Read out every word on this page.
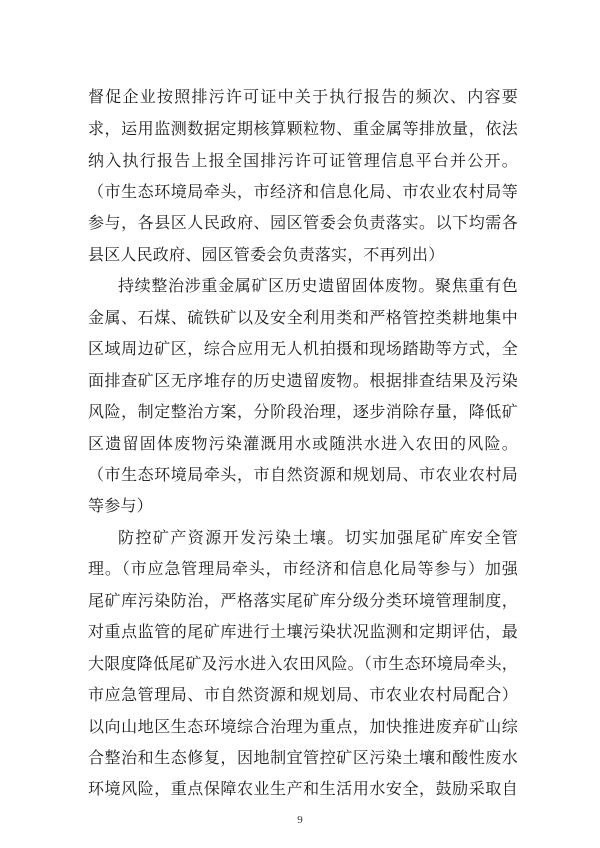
督促企业按照排污许可证中关于执行报告的频次、内容要
求，运用监测数据定期核算颗粒物、重金属等排放量，依法
纳入执行报告上报全国排污许可证管理信息平台并公开。
（市生态环境局牵头，市经济和信息化局、市农业农村局等
参与，各县区人民政府、园区管委会负责落实。以下均需各
县区人民政府、园区管委会负责落实，不再列出）
持续整治涉重金属矿区历史遗留固体废物。聚焦重有色
金属、石煤、硫铁矿以及安全利用类和严格管控类耕地集中
区域周边矿区，综合应用无人机拍摄和现场踏勘等方式，全
面排查矿区无序堆存的历史遗留废物。根据排查结果及污染
风险，制定整治方案，分阶段治理，逐步消除存量，降低矿
区遗留固体废物污染灌溉用水或随洪水进入农田的风险。
（市生态环境局牵头，市自然资源和规划局、市农业农村局
等参与）
防控矿产资源开发污染土壤。切实加强尾矿库安全管
理。（市应急管理局牵头，市经济和信息化局等参与）加强
尾矿库污染防治，严格落实尾矿库分级分类环境管理制度，
对重点监管的尾矿库进行土壤污染状况监测和定期评估，最
大限度降低尾矿及污水进入农田风险。（市生态环境局牵头，
市应急管理局、市自然资源和规划局、市农业农村局配合）
以向山地区生态环境综合治理为重点，加快推进废弃矿山综
合整治和生态修复，因地制宜管控矿区污染土壤和酸性废水
环境风险，重点保障农业生产和生活用水安全，鼓励采取自
9
